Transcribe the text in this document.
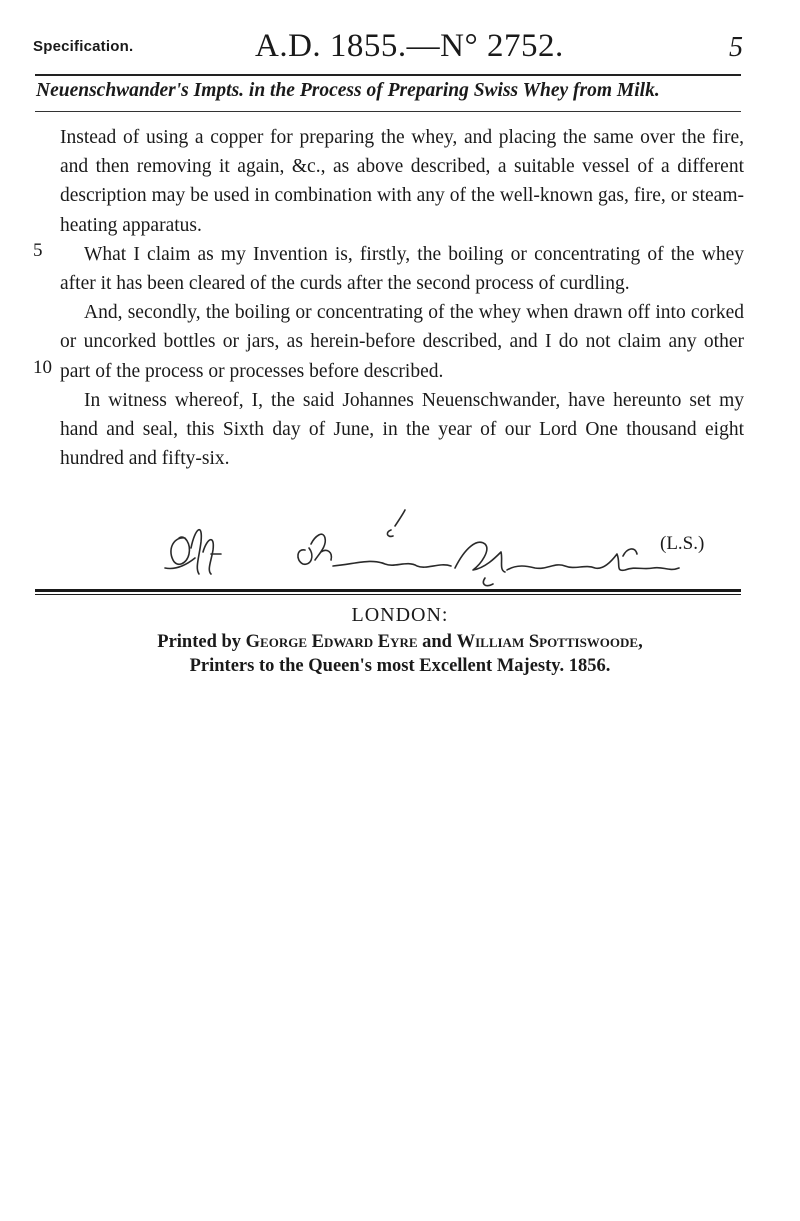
Specification.	A.D. 1855.—N° 2752.	5
Neuenschwander's Impts. in the Process of Preparing Swiss Whey from Milk.
5
10

Instead of using a copper for preparing the whey, and placing the same over the fire, and then removing it again, &c., as above described, a suitable vessel of a different description may be used in combination with any of the well-known gas, fire, or steam-heating apparatus.

What I claim as my Invention is, firstly, the boiling or concentrating of the whey after it has been cleared of the curds after the second process of curdling.

And, secondly, the boiling or concentrating of the whey when drawn off into corked or uncorked bottles or jars, as herein-before described, and I do not claim any other part of the process or processes before described.

In witness whereof, I, the said Johannes Neuenschwander, have hereunto set my hand and seal, this Sixth day of June, in the year of our Lord One thousand eight hundred and fifty-six.

(L.S.)
LONDON:
Printed by George Edward Eyre and William Spottiswoode,
Printers to the Queen's most Excellent Majesty. 1856.
